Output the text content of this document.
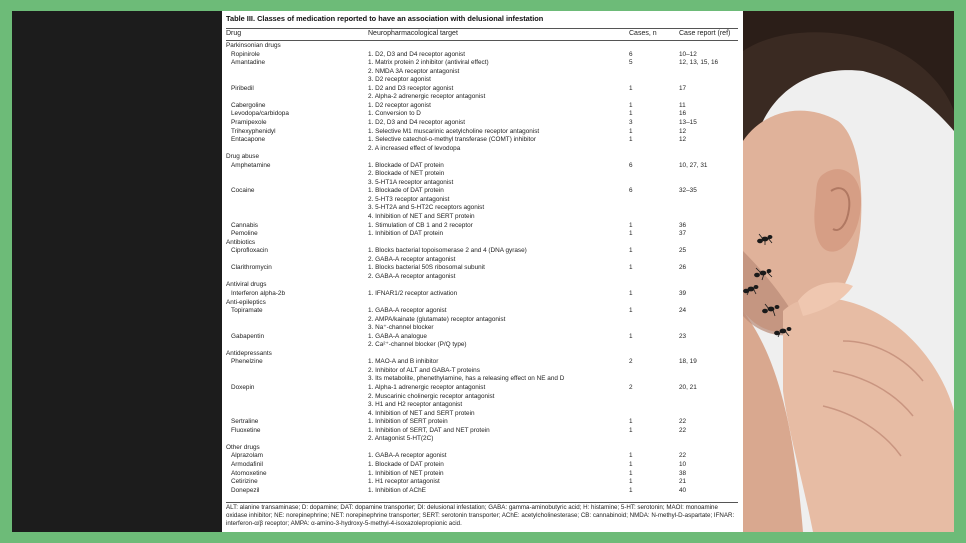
Table III. Classes of medication reported to have an association with delusional infestation
Drug	Neuropharmacological target	Cases, n	Case report (ref)
Parkinsonian drugs
Ropinirole	1. D2, D3 and D4 receptor agonist	6	10–12
Amantadine	1. Matrix protein 2 inhibitor (antiviral effect)	5	12, 13, 15, 16
2. NMDA 3A receptor antagonist
3. D2 receptor agonist
Piribedil	1. D2 and D3 receptor agonist	1	17
2. Alpha-2 adrenergic receptor antagonist
Cabergoline	1. D2 receptor agonist	1	11
Levodopa/carbidopa	1. Conversion to D	1	16
Pramipexole	1. D2, D3 and D4 receptor agonist	3	13–15
Trihexyphenidyl	1. Selective M1 muscarinic acetylcholine receptor antagonist	1	12
Entacapone	1. Selective catechol-o-methyl transferase (COMT) inhibitor	1	12
2. A increased effect of levodopa
Drug abuse
Amphetamine	1. Blockade of DAT protein	6	10, 27, 31
2. Blockade of NET protein
3. 5-HT1A receptor antagonist
Cocaine	1. Blockade of DAT protein	6	32–35
2. 5-HT3 receptor antagonist
3. 5-HT2A and 5-HT2C receptors agonist
4. Inhibition of NET and SERT protein
Cannabis	1. Stimulation of CB 1 and 2 receptor	1	36
Pemoline	1. Inhibition of DAT protein	1	37
Antibiotics
Ciprofloxacin	1. Blocks bacterial topoisomerase 2 and 4 (DNA gyrase)	1	25
2. GABA-A receptor antagonist
Clarithromycin	1. Blocks bacterial 50S ribosomal subunit	1	26
2. GABA-A receptor antagonist
Antiviral drugs
Interferon alpha-2b	1. IFNAR1/2 receptor activation	1	39
Anti-epileptics
Topiramate	1. GABA-A receptor agonist	1	24
2. AMPA/kainate (glutamate) receptor antagonist
3. Na⁺-channel blocker
Gabapentin	1. GABA-A analogue	1	23
2. Ca²⁺-channel blocker (P/Q type)
Antidepressants
Phenelzine	1. MAO-A and B inhibitor	2	18, 19
2. Inhibitor of ALT and GABA-T proteins
3. Its metabolite, phenethylamine, has a releasing effect on NE and D
Doxepin	1. Alpha-1 adrenergic receptor antagonist	2	20, 21
2. Muscarinic cholinergic receptor antagonist
3. H1 and H2 receptor antagonist
4. Inhibition of NET and SERT protein
Sertraline	1. Inhibition of SERT protein	1	22
Fluoxetine	1. Inhibition of SERT, DAT and NET protein	1	22
2. Antagonist 5-HT(2C)
Other drugs
Alprazolam	1. GABA-A receptor agonist	1	22
Armodafinil	1. Blockade of DAT protein	1	10
Atomoxetine	1. Inhibition of NET protein	1	38
Cetirizine	1. H1 receptor antagonist	1	21
Donepezil	1. Inhibition of AChE	1	40
ALT: alanine transaminase; D: dopamine; DAT: dopamine transporter; DI: delusional infestation; GABA: gamma-aminobutyric acid; H: histamine; 5-HT: serotonin; MAOI: monoamine oxidase inhibitor; NE: norepinephrine; NET: norepinephrine transporter; SERT: serotonin transporter; AChE: acetylcholinesterase; CB: cannabinoid; NMDA: N-methyl-D-aspartate; IFNAR: interferon-α/β receptor; AMPA: α-amino-3-hydroxy-5-methyl-4-isoxazolepropionic acid.
